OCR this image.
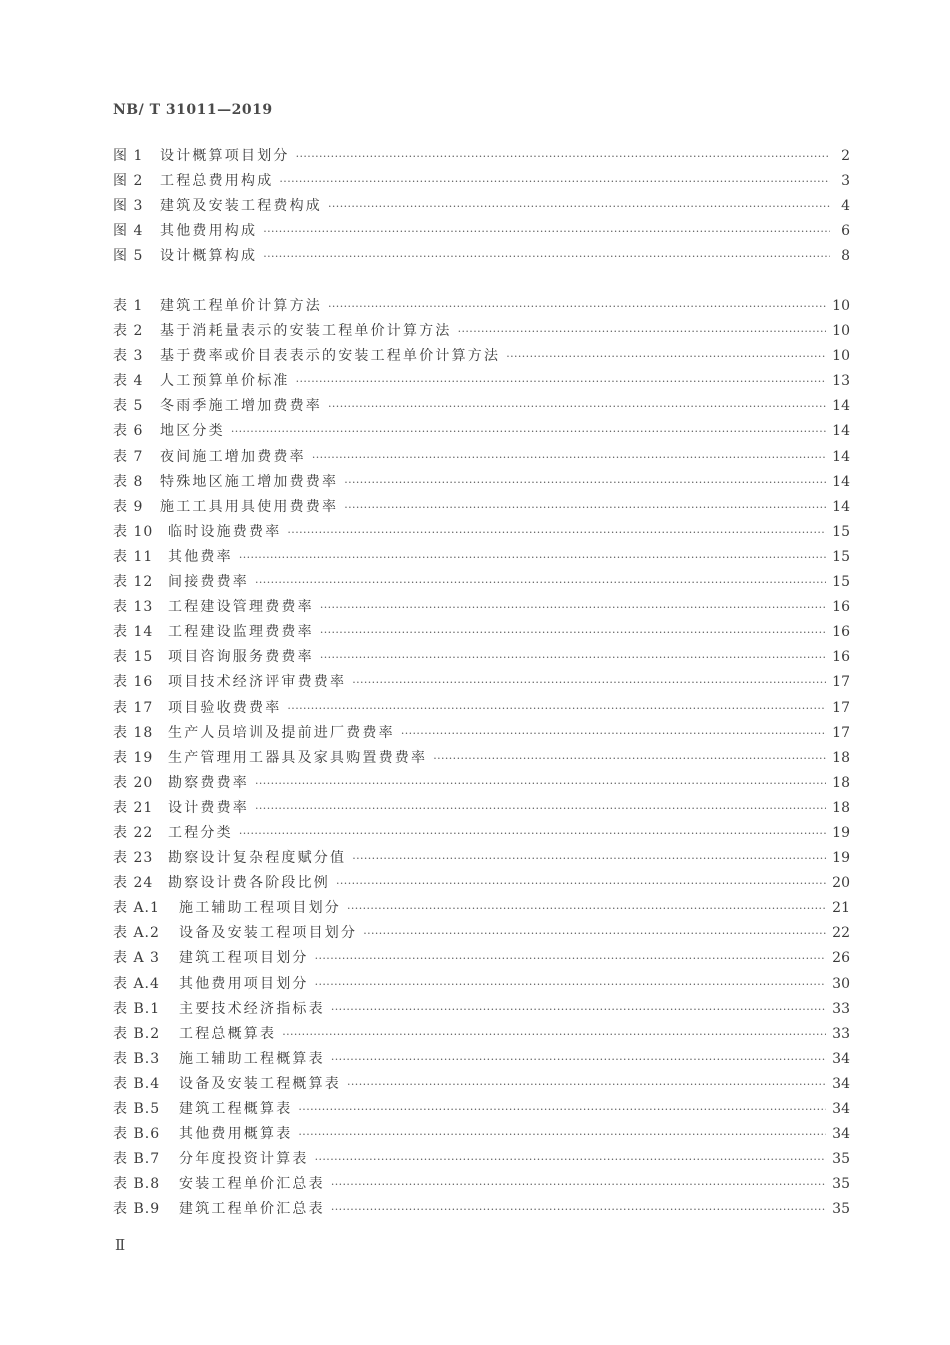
NB/ T 31011—2019
图 1	设计概算项目划分 ·····	2
图 2	工程总费用构成 ·····	3
图 3	建筑及安装工程费构成 ·····	4
图 4	其他费用构成 ·····	6
图 5	设计概算构成 ·····	8
表 1	建筑工程单价计算方法 ·····	10
表 2	基于消耗量表示的安装工程单价计算方法 ·····	10
表 3	基于费率或价目表表示的安装工程单价计算方法 ·····	10
表 4	人工预算单价标准 ·····	13
表 5	冬雨季施工增加费费率 ·····	14
表 6	地区分类 ·····	14
表 7	夜间施工增加费费率 ·····	14
表 8	特殊地区施工增加费费率 ·····	14
表 9	施工工具用具使用费费率 ·····	14
表 10	临时设施费费率 ·····	15
表 11	其他费率 ·····	15
表 12	间接费费率 ·····	15
表 13	工程建设管理费费率 ·····	16
表 14	工程建设监理费费率 ·····	16
表 15	项目咨询服务费费率 ·····	16
表 16	项目技术经济评审费费率 ·····	17
表 17	项目验收费费率 ·····	17
表 18	生产人员培训及提前进厂费费率 ·····	17
表 19	生产管理用工器具及家具购置费费率 ·····	18
表 20	勘察费费率 ·····	18
表 21	设计费费率 ·····	18
表 22	工程分类 ·····	19
表 23	勘察设计复杂程度赋分值 ·····	19
表 24	勘察设计费各阶段比例 ·····	20
表 A.1	施工辅助工程项目划分 ·····	21
表 A.2	设备及安装工程项目划分 ·····	22
表 A 3	建筑工程项目划分 ·····	26
表 A.4	其他费用项目划分 ·····	30
表 B.1	主要技术经济指标表 ·····	33
表 B.2	工程总概算表 ·····	33
表 B.3	施工辅助工程概算表 ·····	34
表 B.4	设备及安装工程概算表 ·····	34
表 B.5	建筑工程概算表 ·····	34
表 B.6	其他费用概算表 ·····	34
表 B.7	分年度投资计算表 ·····	35
表 B.8	安装工程单价汇总表 ·····	35
表 B.9	建筑工程单价汇总表 ·····	35
Ⅱ
